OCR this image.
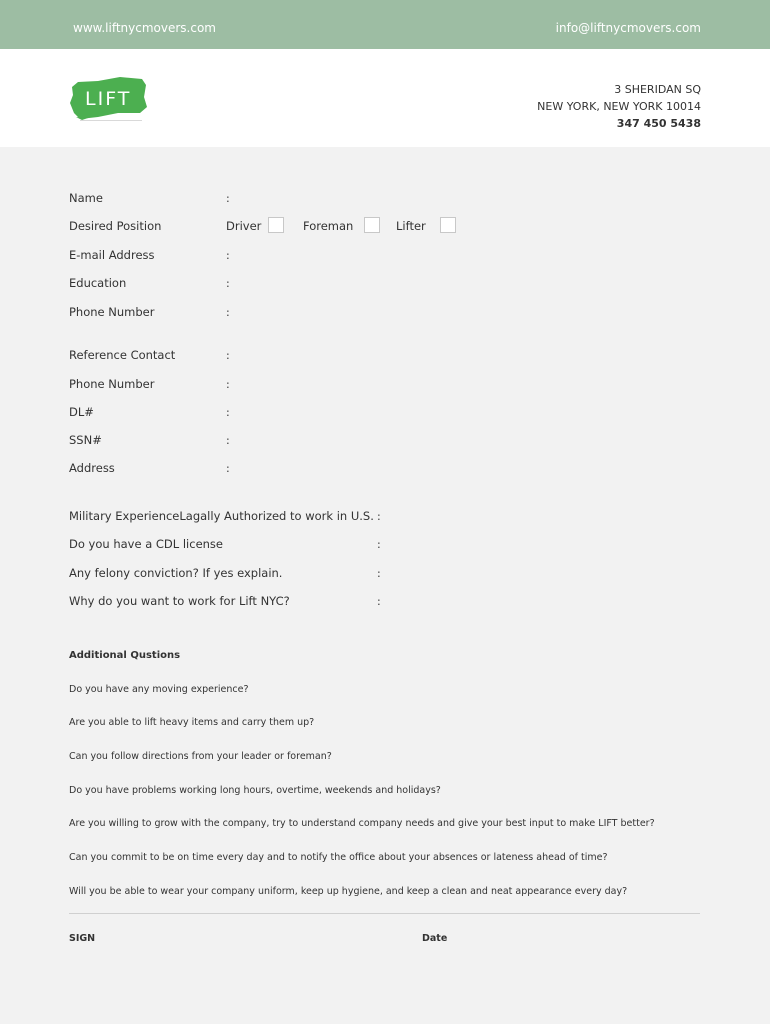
www.liftnycmovers.com	info@liftnycmovers.com
LIFT	3 SHERIDAN SQ
NEW YORK, NEW YORK 10014
347 450 5438
Name	:
Desired Position	Driver	Foreman	Lifter
E-mail Address	:
Education	:
Phone Number	:
Reference Contact	:
Phone Number	:
DL#	:
SSN#	:
Address	:
Military ExperienceLagally Authorized to work in U.S. :
Do you have a CDL license	:
Any felony conviction? If yes explain.	:
Why do you want to work for Lift NYC?	:
Additional Qustions
Do you have any moving experience?
Are you able to lift heavy items and carry them up?
Can you follow directions from your leader or foreman?
Do you have problems working long hours, overtime, weekends and holidays?
Are you willing to grow with the company, try to understand company needs and give your best input to make LIFT better?
Can you commit to be on time every day and to notify the office about your absences or lateness ahead of time?
Will you be able to wear your company uniform, keep up hygiene, and keep a clean and neat appearance every day?
SIGN	Date
